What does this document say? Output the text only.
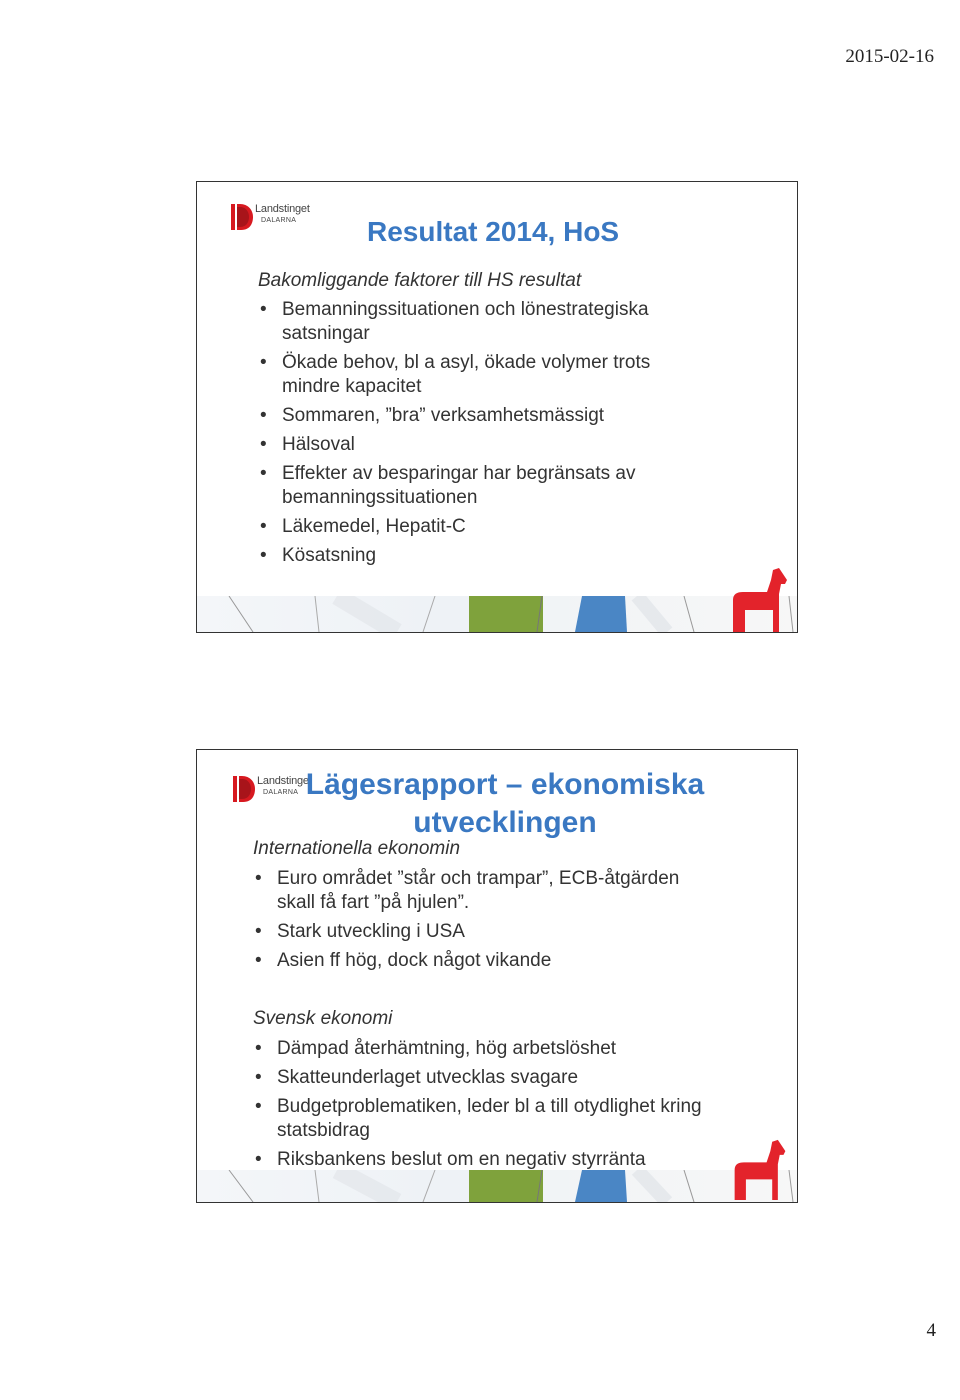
2015-02-16
Landstinget
DALARNA	Resultat 2014, HoS

Bakomliggande faktorer till HS resultat

• Bemanningssituationen och lönestrategiska satsningar
• Ökade behov, bl a asyl, ökade volymer trots mindre kapacitet
• Sommaren, ”bra” verksamhetsmässigt
• Hälsoval
• Effekter av besparingar har begränsats av bemanningssituationen
• Läkemedel, Hepatit-C
• Kösatsning
Landstinget
DALARNA Lägesrapport – ekonomiska utvecklingen

Internationella ekonomin

• Euro området ”står och trampar”, ECB-åtgärden skall få fart ”på hjulen”.
• Stark utveckling i USA
• Asien ff hög, dock något vikande

Svensk ekonomi

• Dämpad återhämtning, hög arbetslöshet
• Skatteunderlaget utvecklas svagare
• Budgetproblematiken, leder bl a till otydlighet kring statsbidrag
• Riksbankens beslut om en negativ styrränta
4
